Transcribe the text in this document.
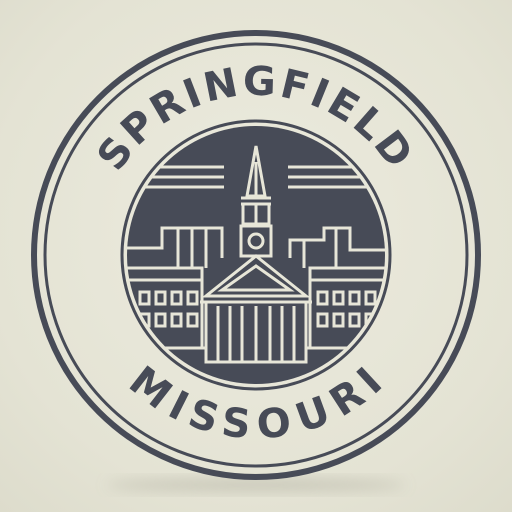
SPRINGFIELD
MISSOURI
